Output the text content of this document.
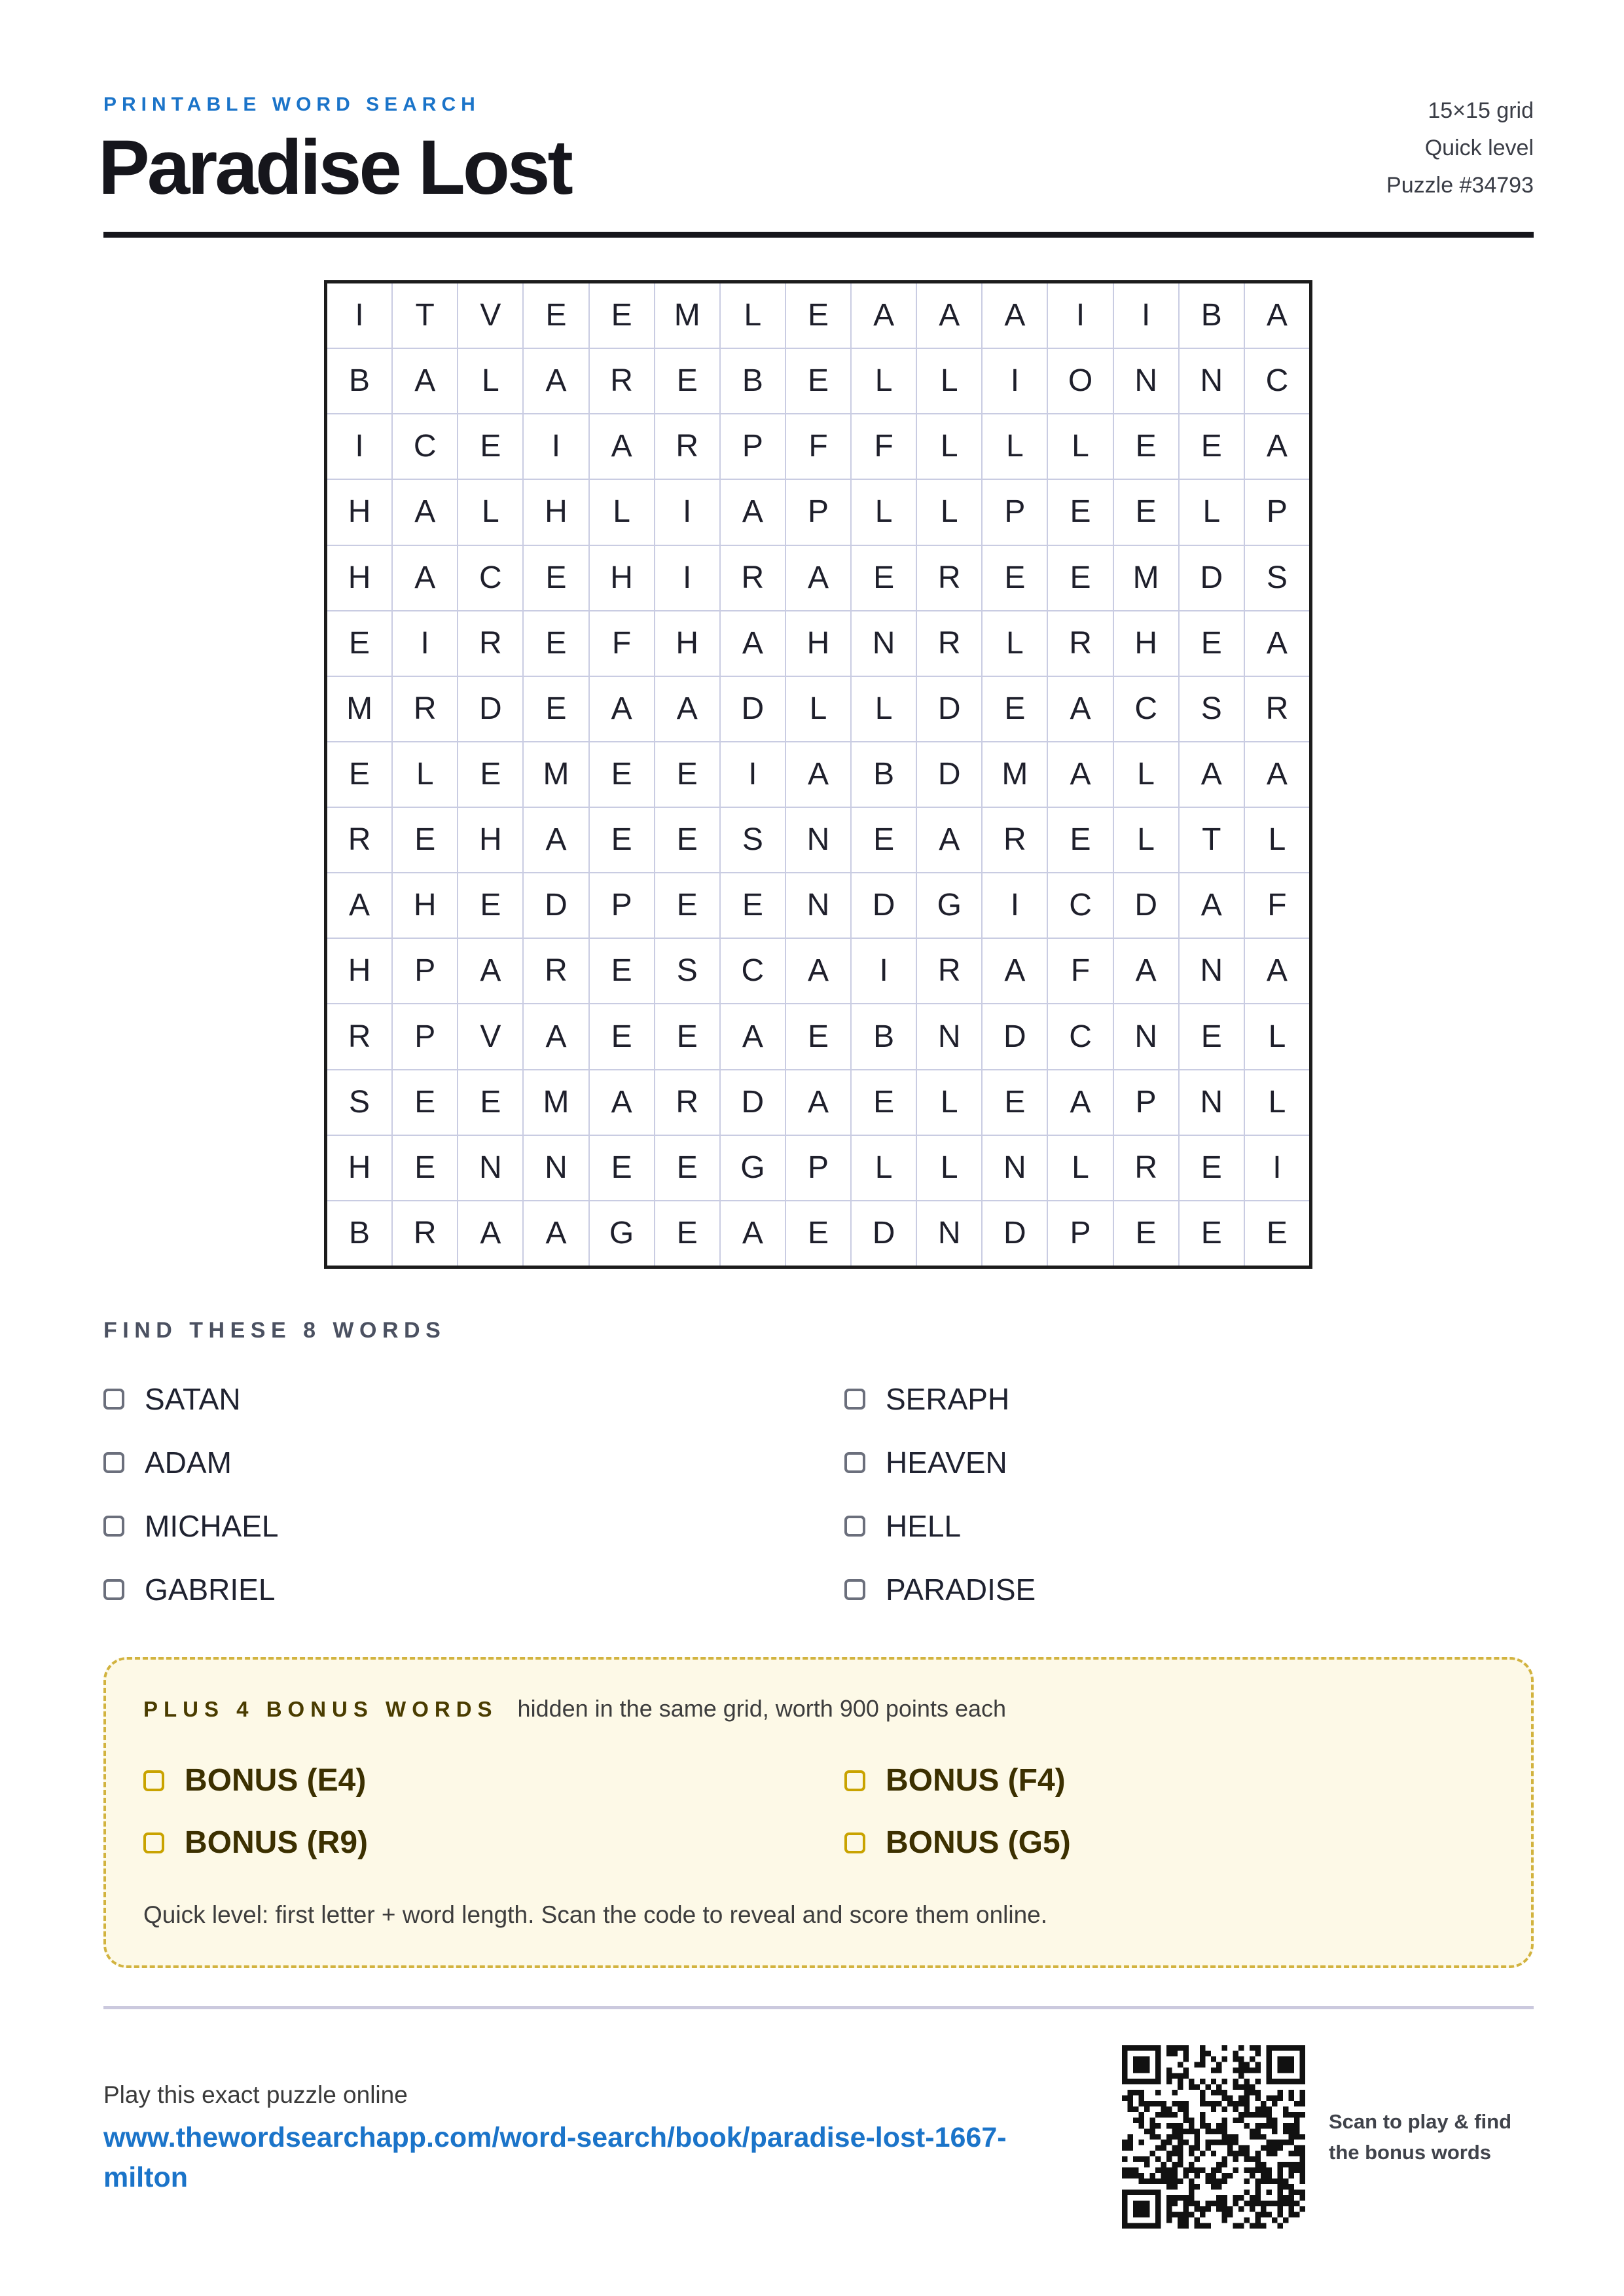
PRINTABLE WORD SEARCH
Paradise Lost
15×15 grid
Quick level
Puzzle #34793
I	T	V	E	E	M	L	E	A	A	A	I	I	B	A
B	A	L	A	R	E	B	E	L	L	I	O	N	N	C
I	C	E	I	A	R	P	F	F	L	L	L	E	E	A
H	A	L	H	L	I	A	P	L	L	P	E	E	L	P
H	A	C	E	H	I	R	A	E	R	E	E	M	D	S
E	I	R	E	F	H	A	H	N	R	L	R	H	E	A
M	R	D	E	A	A	D	L	L	D	E	A	C	S	R
E	L	E	M	E	E	I	A	B	D	M	A	L	A	A
R	E	H	A	E	E	S	N	E	A	R	E	L	T	L
A	H	E	D	P	E	E	N	D	G	I	C	D	A	F
H	P	A	R	E	S	C	A	I	R	A	F	A	N	A
R	P	V	A	E	E	A	E	B	N	D	C	N	E	L
S	E	E	M	A	R	D	A	E	L	E	A	P	N	L
H	E	N	N	E	E	G	P	L	L	N	L	R	E	I
B	R	A	A	G	E	A	E	D	N	D	P	E	E	E
FIND THESE 8 WORDS
SATAN
ADAM
MICHAEL
GABRIEL
SERAPH
HEAVEN
HELL
PARADISE
PLUS 4 BONUS WORDS hidden in the same grid, worth 900 points each
BONUS (E4)
BONUS (R9)
BONUS (F4)
BONUS (G5)
Quick level: first letter + word length. Scan the code to reveal and score them online.
Play this exact puzzle online
www.thewordsearchapp.com/word-search/book/paradise-lost-1667-milton
Scan to play & find the bonus words
